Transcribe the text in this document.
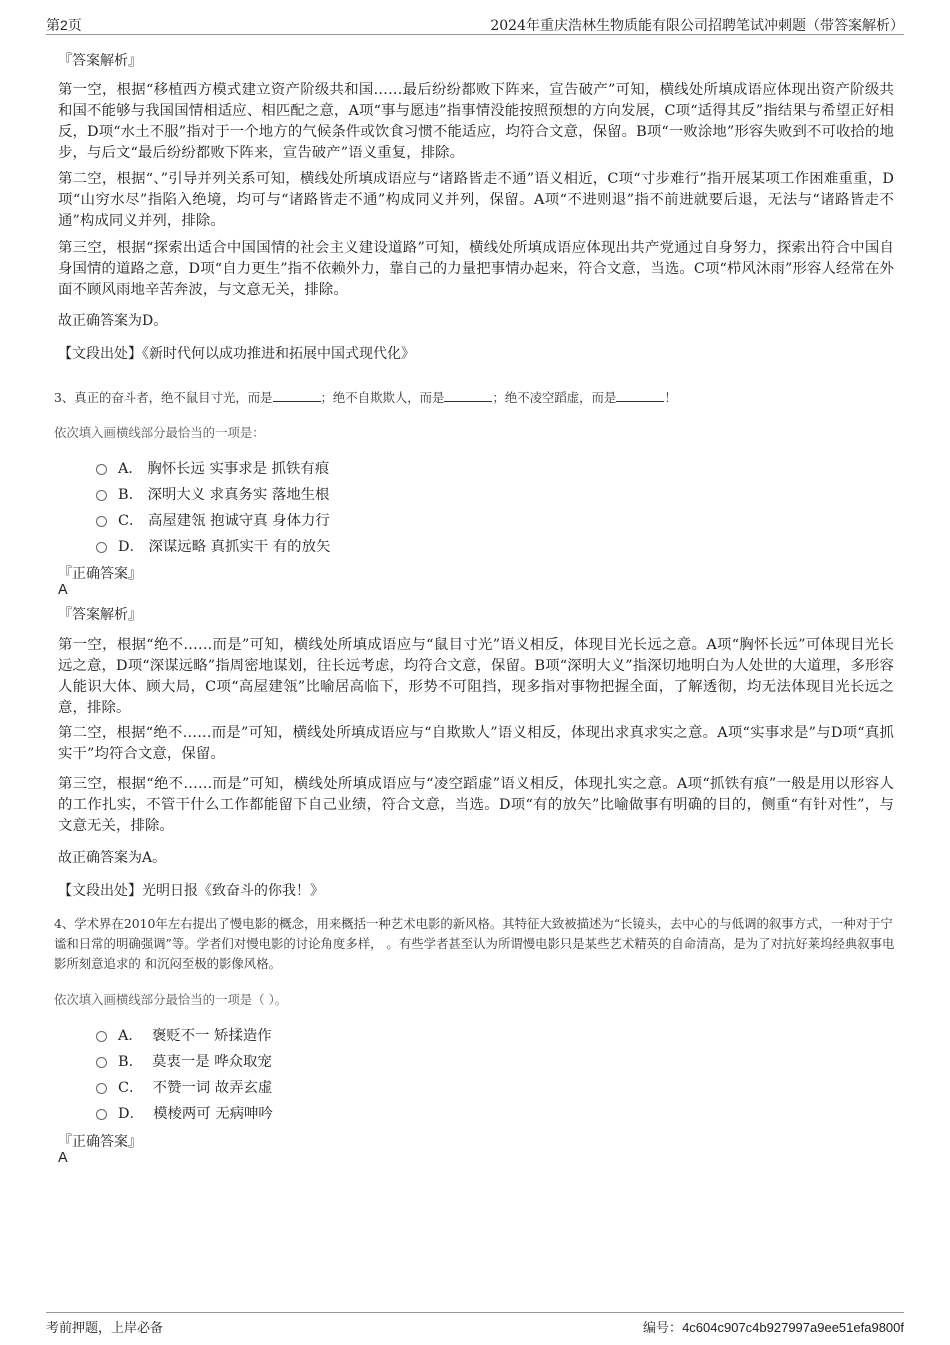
第2页	2024年重庆浩林生物质能有限公司招聘笔试冲刺题（带答案解析）
『答案解析』
第一空，根据“移植西方模式建立资产阶级共和国……最后纷纷都败下阵来，宣告破产”可知，横线处所填成语应体现出资产阶级共和国不能够与我国国情相适应、相匹配之意，A项“事与愿违”指事情没能按照预想的方向发展，C项“适得其反”指结果与希望正好相反，D项“水土不服”指对于一个地方的气候条件或饮食习惯不能适应，均符合文意，保留。B项“一败涂地”形容失败到不可收拾的地步，与后文“最后纷纷都败下阵来，宣告破产”语义重复，排除。
第二空，根据“、”引导并列关系可知，横线处所填成语应与“诸路皆走不通”语义相近，C项“寸步难行”指开展某项工作困难重重，D项“山穷水尽”指陷入绝境，均可与“诸路皆走不通”构成同义并列，保留。A项“不进则退”指不前进就要后退，无法与“诸路皆走不通”构成同义并列，排除。
第三空，根据“探索出适合中国国情的社会主义建设道路”可知，横线处所填成语应体现出共产党通过自身努力，探索出符合中国自身国情的道路之意，D项“自力更生”指不依赖外力，靠自己的力量把事情办起来，符合文意，当选。C项“栉风沐雨”形容人经常在外面不顾风雨地辛苦奔波，与文意无关，排除。
故正确答案为D。
【文段出处】《新时代何以成功推进和拓展中国式现代化》
3、真正的奋斗者，绝不鼠目寸光，而是	；绝不自欺欺人，而是	；绝不凌空蹈虚，而是	！
依次填入画横线部分最恰当的一项是：
A．
胸怀长远 实事求是 抓铁有痕
B．
深明大义 求真务实 落地生根
C．
高屋建瓴 抱诚守真 身体力行
D．
深谋远略 真抓实干 有的放矢
『正确答案』
A
『答案解析』
第一空，根据“绝不……而是”可知，横线处所填成语应与“鼠目寸光”语义相反，体现目光长远之意。A项“胸怀长远”可体现目光长远之意，D项“深谋远略”指周密地谋划，往长远考虑，均符合文意，保留。B项“深明大义”指深切地明白为人处世的大道理，多形容人能识大体、顾大局，C项“高屋建瓴”比喻居高临下，形势不可阻挡，现多指对事物把握全面，了解透彻，均无法体现目光长远之意，排除。
第二空，根据“绝不……而是”可知，横线处所填成语应与“自欺欺人”语义相反，体现出求真求实之意。A项“实事求是”与D项“真抓实干”均符合文意，保留。
第三空，根据“绝不……而是”可知，横线处所填成语应与“凌空蹈虚”语义相反，体现扎实之意。A项“抓铁有痕”一般是用以形容人的工作扎实，不管干什么工作都能留下自己业绩，符合文意，当选。D项“有的放矢”比喻做事有明确的目的，侧重“有针对性”，与文意无关，排除。
故正确答案为A。
【文段出处】光明日报《致奋斗的你我！》
4、学术界在2010年左右提出了慢电影的概念，用来概括一种艺术电影的新风格。其特征大致被描述为“长镜头，去中心的与低调的叙事方式，一种对于宁谧和日常的明确强调”等。学者们对慢电影的讨论角度多样， 。有些学者甚至认为所谓慢电影只是某些艺术精英的自命清高，是为了对抗好莱坞经典叙事电影所刻意追求的 和沉闷至极的影像风格。
依次填入画横线部分最恰当的一项是（ ）。
A．
褒贬不一 矫揉造作
B．
莫衷一是 哗众取宠
C．
不赞一词 故弄玄虚
D．
模棱两可 无病呻吟
『正确答案』
A
考前押题，上岸必备	编号：4c604c907c4b927997a9ee51efa9800f
